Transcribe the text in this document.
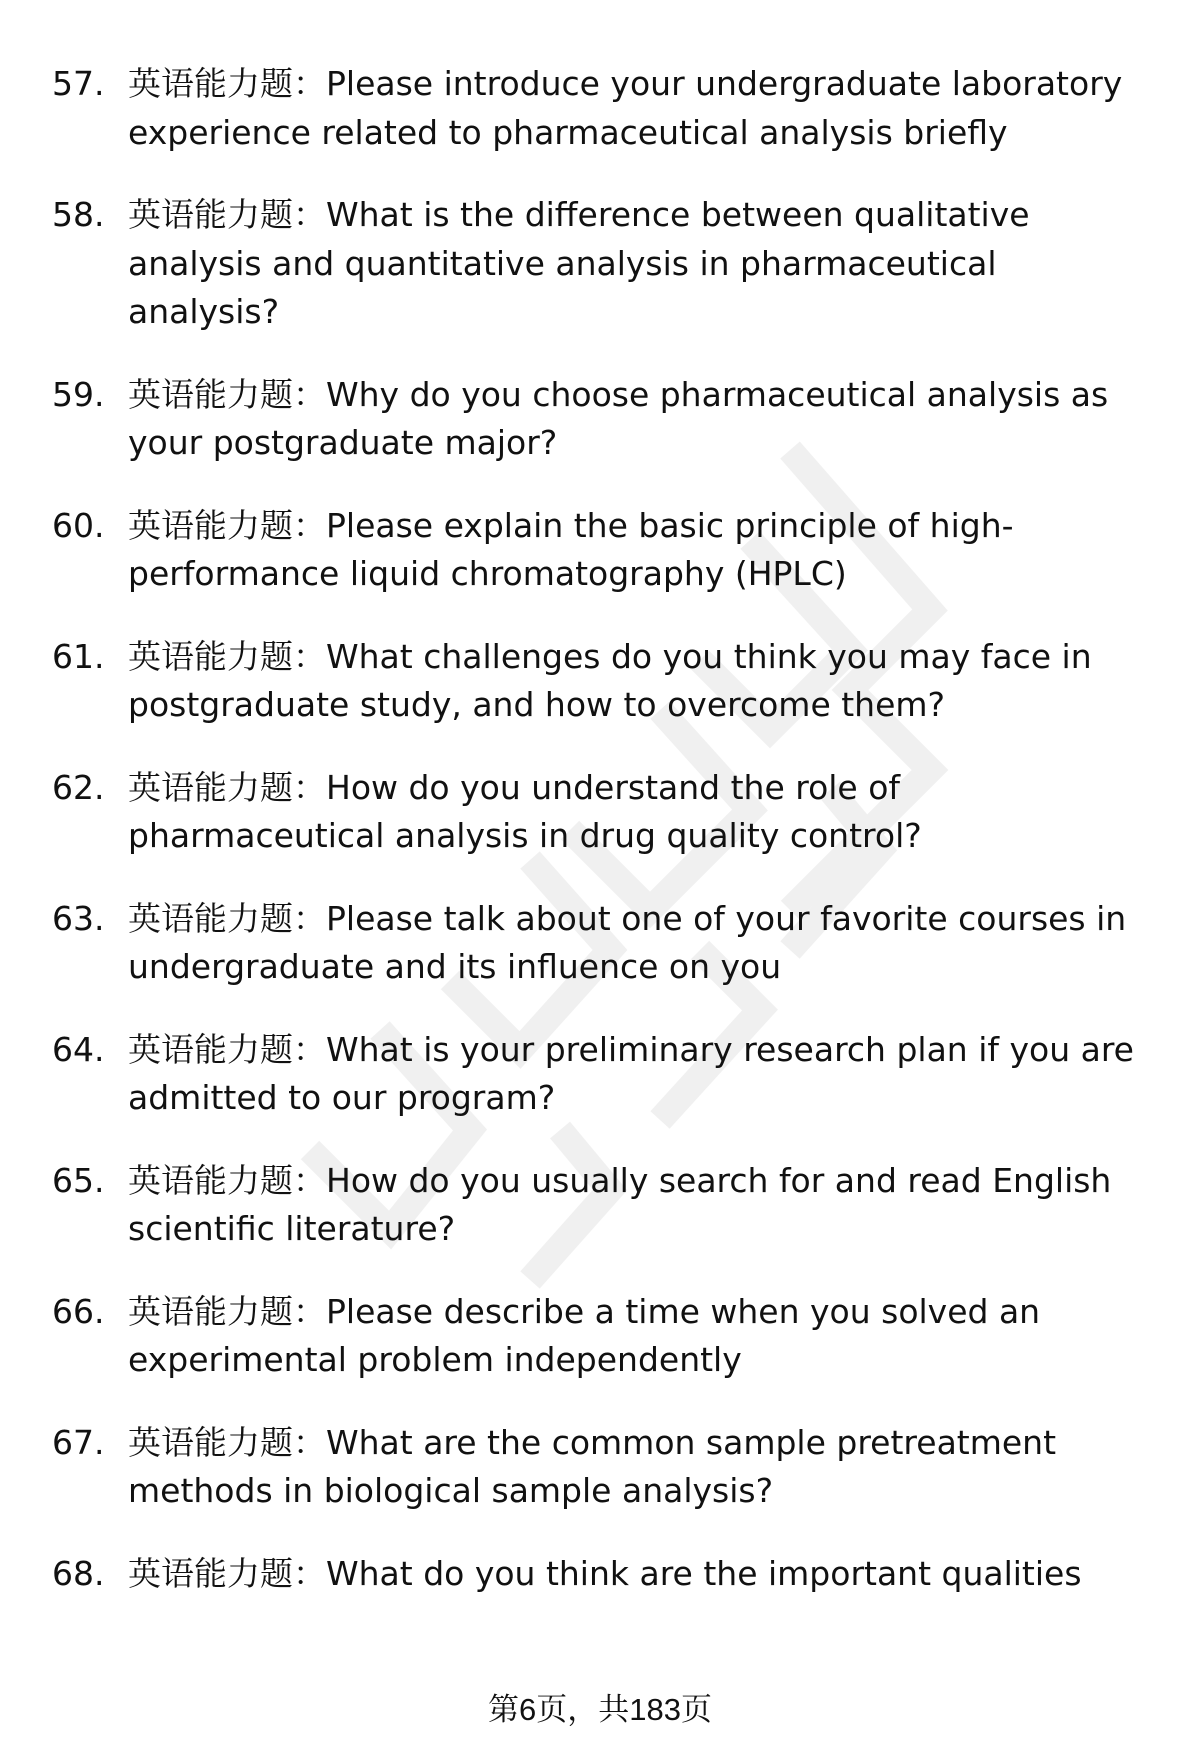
57. 英语能力题：Please introduce your undergraduate laboratory experience related to pharmaceutical analysis briefly
58. 英语能力题：What is the difference between qualitative analysis and quantitative analysis in pharmaceutical analysis?
59. 英语能力题：Why do you choose pharmaceutical analysis as your postgraduate major?
60. 英语能力题：Please explain the basic principle of high-performance liquid chromatography (HPLC)
61. 英语能力题：What challenges do you think you may face in postgraduate study, and how to overcome them?
62. 英语能力题：How do you understand the role of pharmaceutical analysis in drug quality control?
63. 英语能力题：Please talk about one of your favorite courses in undergraduate and its influence on you
64. 英语能力题：What is your preliminary research plan if you are admitted to our program?
65. 英语能力题：How do you usually search for and read English scientific literature?
66. 英语能力题：Please describe a time when you solved an experimental problem independently
67. 英语能力题：What are the common sample pretreatment methods in biological sample analysis?
68. 英语能力题：What do you think are the important qualities
第6页，共183页
